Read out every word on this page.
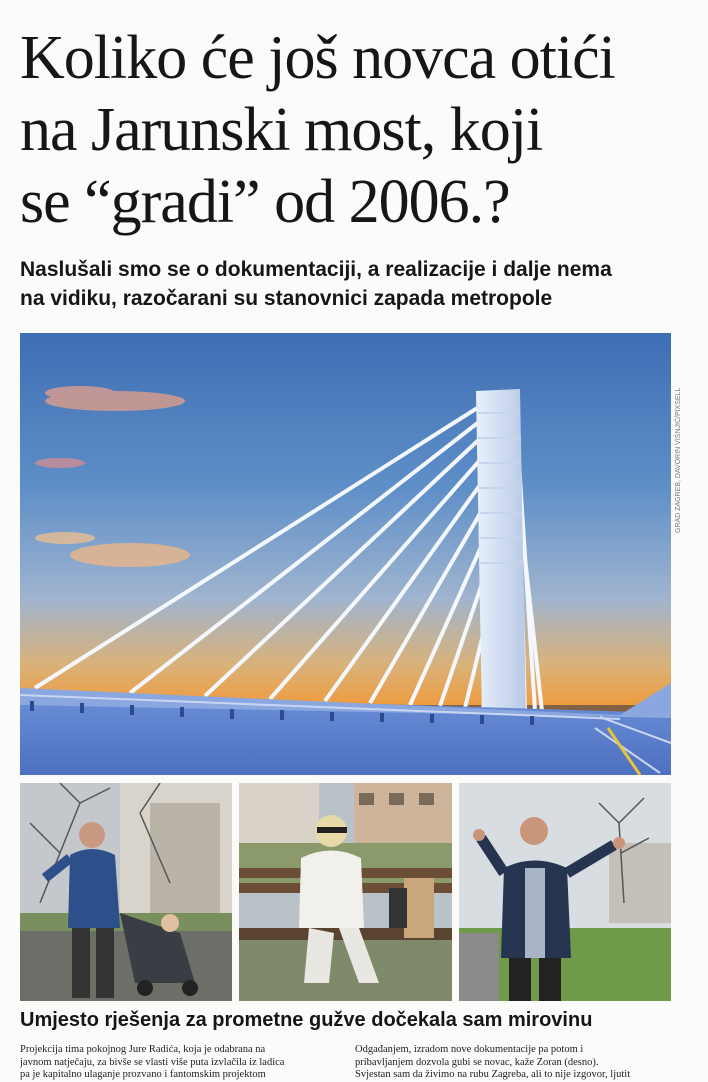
Koliko će još novca otići
na Jarunski most, koji
se “gradi” od 2006.?

Naslušali smo se o dokumentaciji, a realizacije i dalje nema
na vidiku, razočarani su stanovnici zapada metropole

GRAD ZAGREB, DAVORIN VIŠNJIĆ/PIXSELL
Umjesto rješenja za prometne gužve dočekala sam mirovinu
Projekcija tima pokojnog Jure Radića, koja je odabrana na
javnom natječaju, za bivše se vlasti više puta izvlačila iz ladica
pa je kapitalno ulaganje prozvano i fantomskim projektom
Odgađanjem, izradom nove dokumentacije pa potom i
pribavljanjem dozvola gubi se novac, kaže Zoran (desno).
Svjestan sam da živimo na rubu Zagreba, ali to nije izgovor, ljutit
